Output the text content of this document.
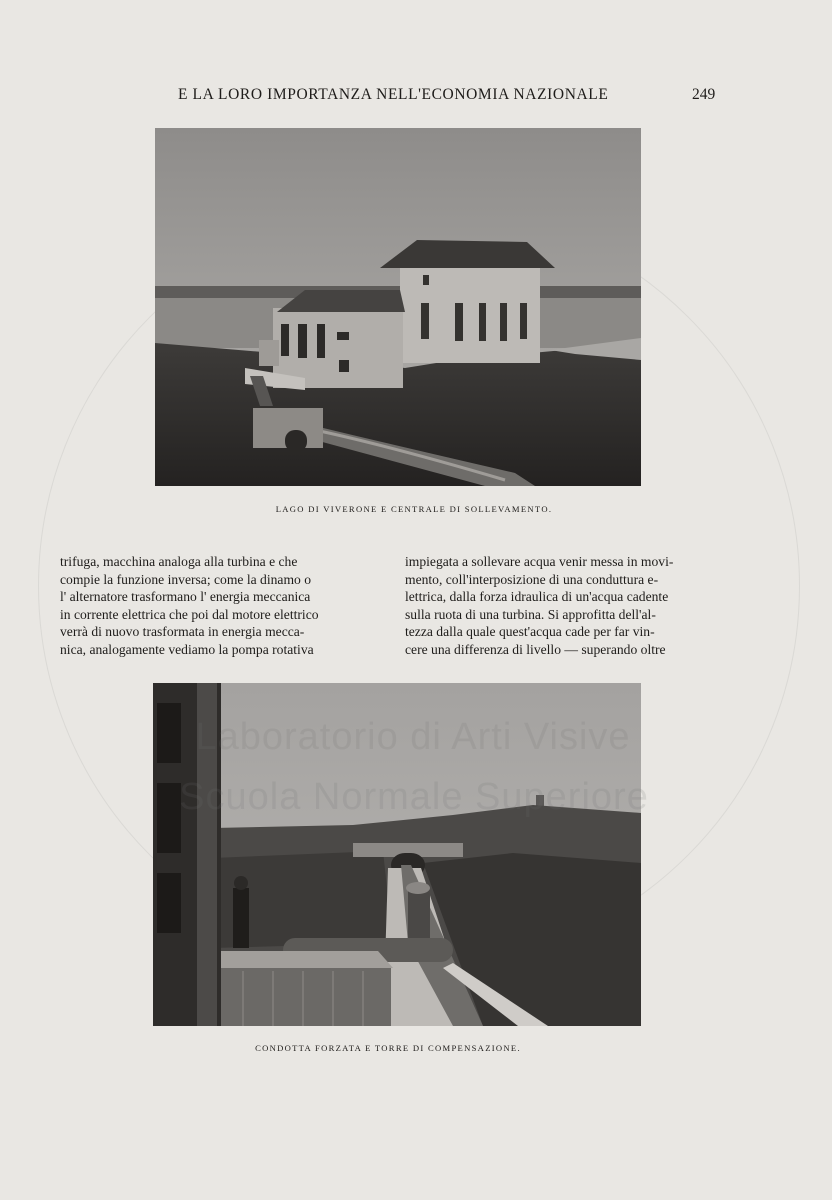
E LA LORO IMPORTANZA NELL'ECONOMIA NAZIONALE	249
LAGO DI VIVERONE E CENTRALE DI SOLLEVAMENTO.

trifuga, macchina analoga alla turbina e che

compie la funzione inversa; come la dinamo o

l' alternatore trasformano l' energia meccanica

in corrente elettrica che poi dal motore elettrico

verrà di nuovo trasformata in energia mecca-

nica, analogamente vediamo la pompa rotativa

impiegata a sollevare acqua venir messa in movi-

mento, coll'interposizione di una conduttura e-

lettrica, dalla forza idraulica di un'acqua cadente

sulla ruota di una turbina. Si approfitta dell'al-

tezza dalla quale quest'acqua cade per far vin-

cere una differenza di livello — superando oltre

CONDOTTA FORZATA E TORRE DI COMPENSAZIONE.
Laboratorio di Arti Visive
Scuola Normale Superiore
